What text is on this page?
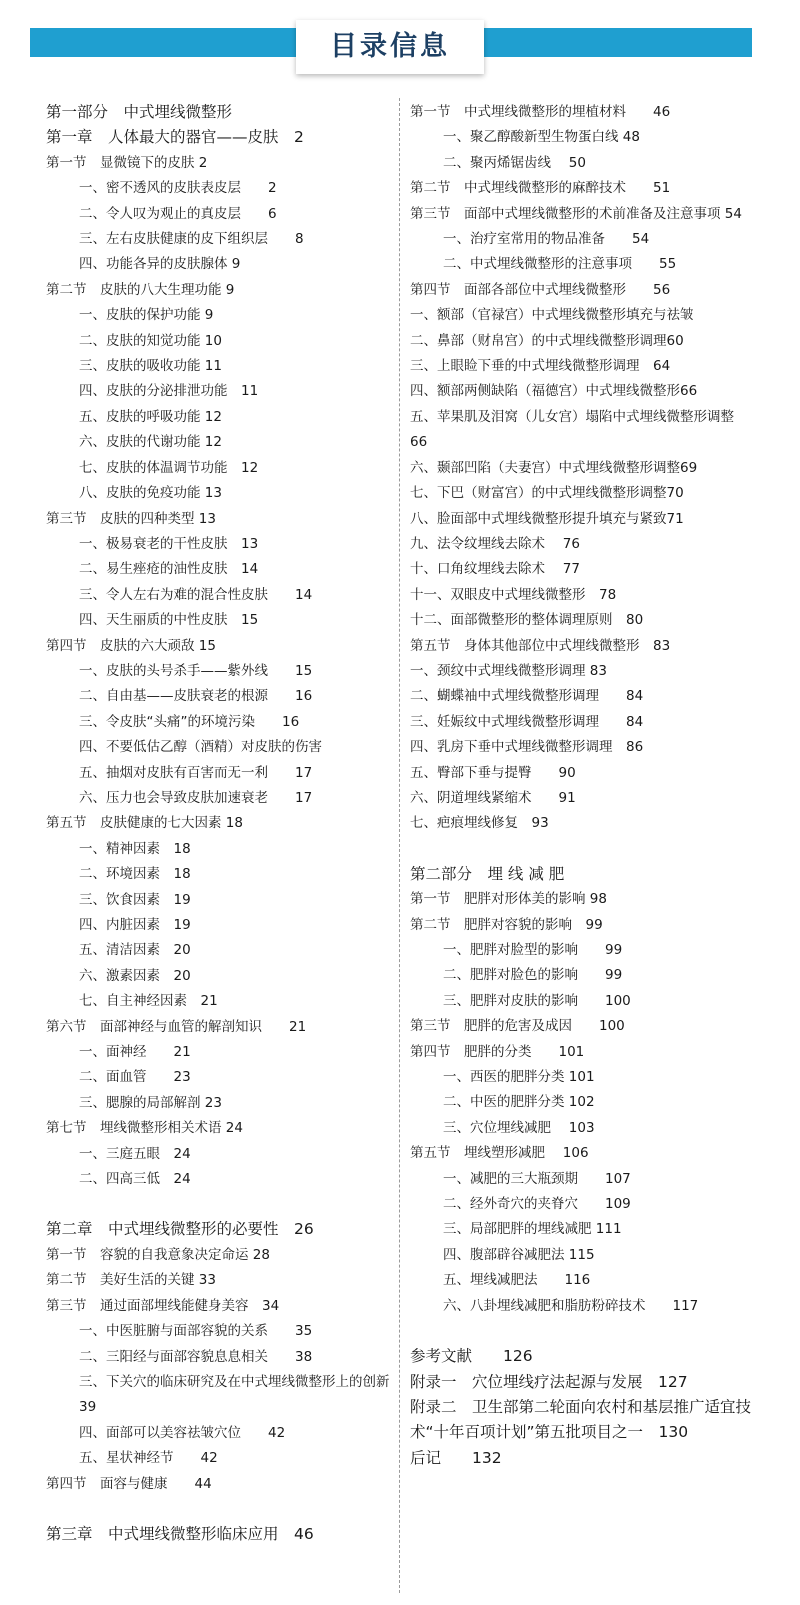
目录信息
第一部分　中式埋线微整形
第一章　人体最大的器官——皮肤　2
第一节　显微镜下的皮肤 2
一、密不透风的皮肤表皮层　　2
二、令人叹为观止的真皮层　　6
三、左右皮肤健康的皮下组织层　　8
四、功能各异的皮肤腺体 9
第二节　皮肤的八大生理功能 9
一、皮肤的保护功能 9
二、皮肤的知觉功能 10
三、皮肤的吸收功能 11
四、皮肤的分泌排泄功能　11
五、皮肤的呼吸功能 12
六、皮肤的代谢功能 12
七、皮肤的体温调节功能　12
八、皮肤的免疫功能 13
第三节　皮肤的四种类型 13
一、极易衰老的干性皮肤　13
二、易生痤疮的油性皮肤　14
三、令人左右为难的混合性皮肤　　14
四、天生丽质的中性皮肤　15
第四节　皮肤的六大顽敌 15
一、皮肤的头号杀手——紫外线　　15
二、自由基——皮肤衰老的根源　　16
三、令皮肤“头痛”的环境污染　　16
四、不要低估乙醇（酒精）对皮肤的伤害
五、抽烟对皮肤有百害而无一利　　17
六、压力也会导致皮肤加速衰老　　17
第五节　皮肤健康的七大因素 18
一、精神因素　18
二、环境因素　18
三、饮食因素　19
四、内脏因素　19
五、清洁因素　20
六、激素因素　20
七、自主神经因素　21
第六节　面部神经与血管的解剖知识　　21
一、面神经　　21
二、面血管　　23
三、腮腺的局部解剖 23
第七节　埋线微整形相关术语 24
一、三庭五眼　24
二、四高三低　24
第二章　中式埋线微整形的必要性　26
第一节　容貌的自我意象决定命运 28
第二节　美好生活的关键 33
第三节　通过面部埋线能健身美容　34
一、中医脏腑与面部容貌的关系　　35
二、三阳经与面部容貌息息相关　　38
三、下关穴的临床研究及在中式埋线微整形上的创新 39
四、面部可以美容祛皱穴位　　42
五、星状神经节　　42
第四节　面容与健康　　44
第三章　中式埋线微整形临床应用　46
第一节　中式埋线微整形的埋植材料　　46
一、聚乙醇酸新型生物蛋白线 48
二、聚丙烯锯齿线　 50
第二节　中式埋线微整形的麻醉技术　　51
第三节　面部中式埋线微整形的术前准备及注意事项 54
一、治疗室常用的物品准备　　54
二、中式埋线微整形的注意事项　　55
第四节　面部各部位中式埋线微整形　　56
一、额部（官禄宫）中式埋线微整形填充与祛皱
二、鼻部（财帛宫）的中式埋线微整形调理60
三、上眼睑下垂的中式埋线微整形调理　64
四、额部两侧缺陷（福德宫）中式埋线微整形66
五、苹果肌及泪窝（儿女宫）塌陷中式埋线微整形调整　 66
六、颞部凹陷（夫妻宫）中式埋线微整形调整69
七、下巴（财富宫）的中式埋线微整形调整70
八、脸面部中式埋线微整形提升填充与紧致71
九、法令纹埋线去除术　 76
十、口角纹埋线去除术　 77
十一、双眼皮中式埋线微整形　78
十二、面部微整形的整体调理原则　80
第五节　身体其他部位中式埋线微整形　83
一、颈纹中式埋线微整形调理 83
二、蝴蝶袖中式埋线微整形调理　　84
三、妊娠纹中式埋线微整形调理　　84
四、乳房下垂中式埋线微整形调理　86
五、臀部下垂与提臀　　90
六、阴道埋线紧缩术　　91
七、疤痕埋线修复　93
第二部分　埋 线 减 肥
第一节　肥胖对形体美的影响 98
第二节　肥胖对容貌的影响　99
一、肥胖对脸型的影响　　99
二、肥胖对脸色的影响　　99
三、肥胖对皮肤的影响　　100
第三节　肥胖的危害及成因　　100
第四节　肥胖的分类　　101
一、西医的肥胖分类 101
二、中医的肥胖分类 102
三、穴位埋线减肥　 103
第五节　埋线塑形减肥　 106
一、减肥的三大瓶颈期　　107
二、经外奇穴的夹脊穴　　109
三、局部肥胖的埋线减肥 111
四、腹部辟谷减肥法 115
五、埋线减肥法　　116
六、八卦埋线减肥和脂肪粉碎技术　　117
参考文献　　126
附录一　穴位埋线疗法起源与发展　127
附录二　卫生部第二轮面向农村和基层推广适宜技术“十年百项计划”第五批项目之一　130
后记　　132
